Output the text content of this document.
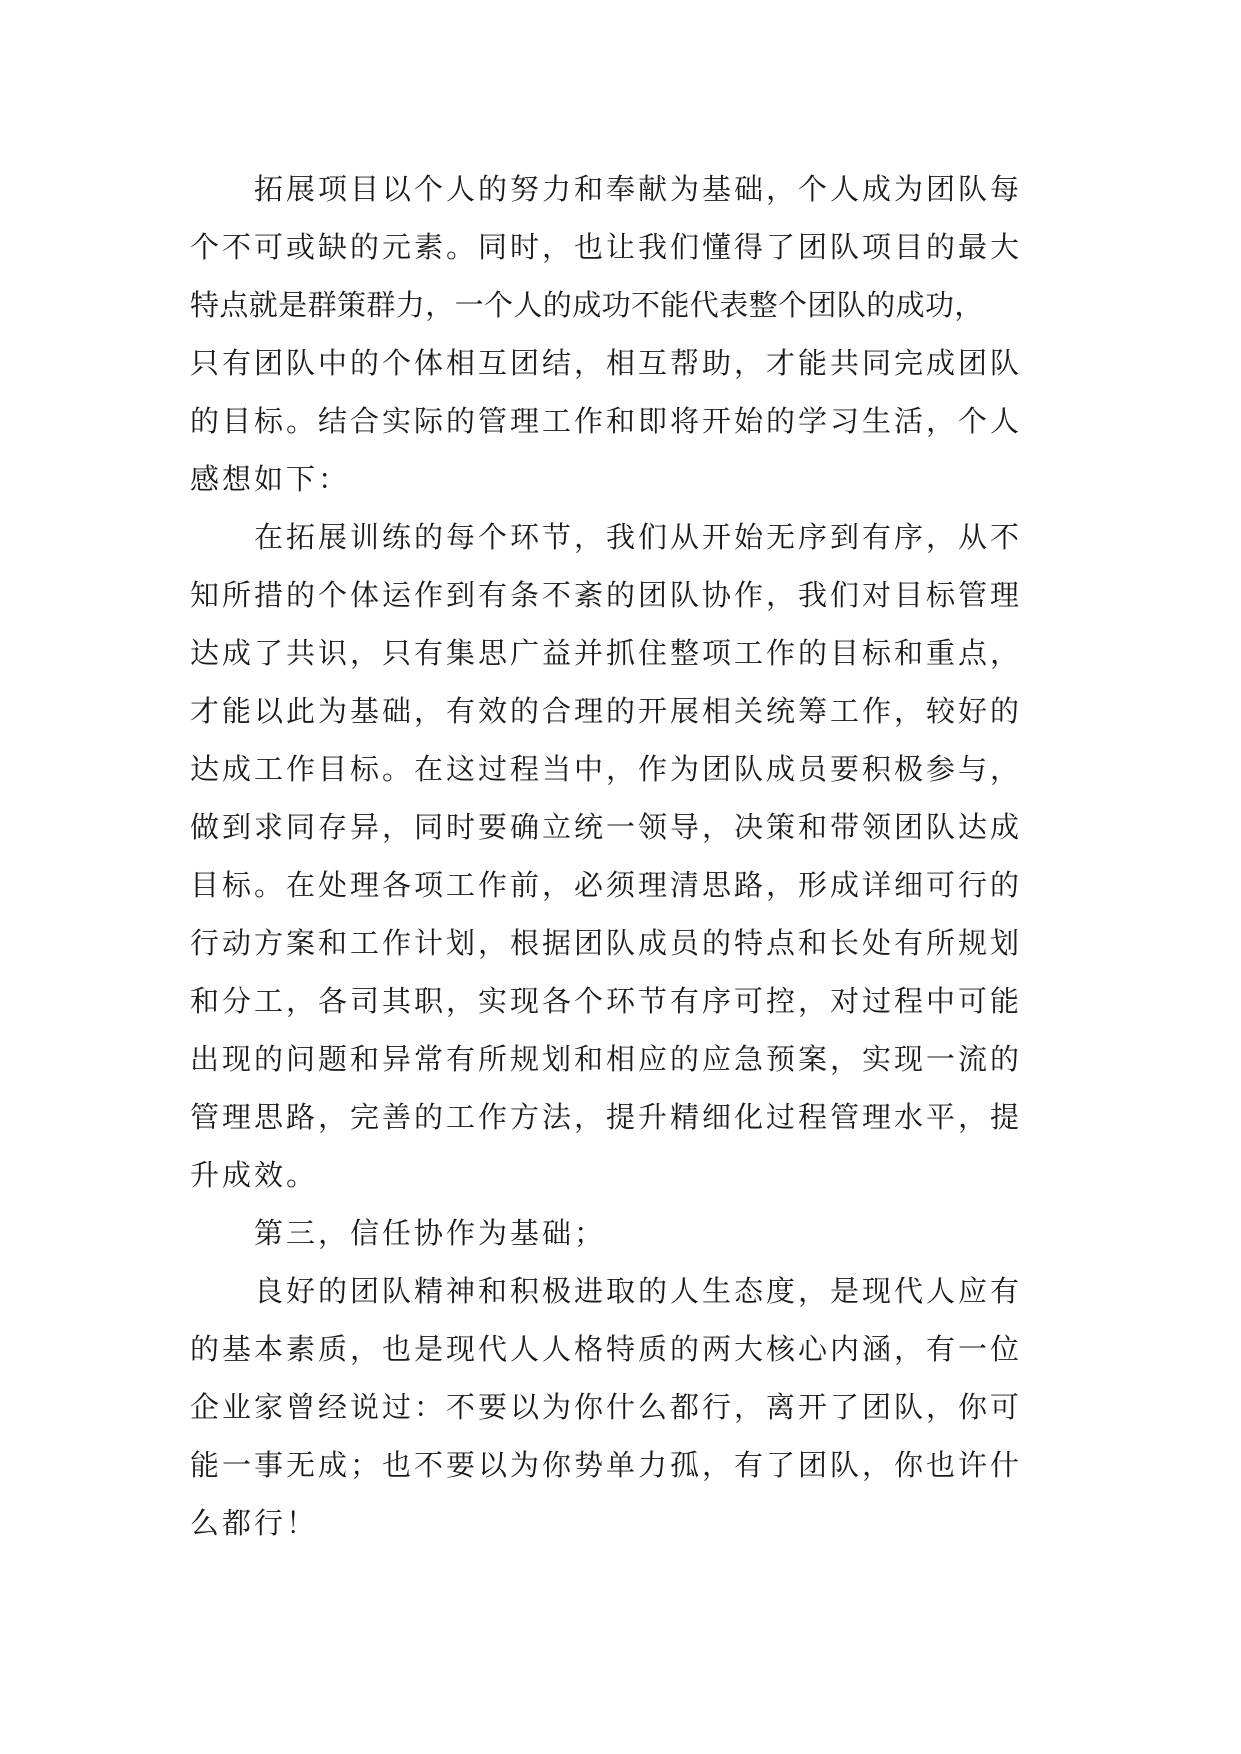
拓展项目以个人的努力和奉献为基础，个人成为团队每
个不可或缺的元素。同时，也让我们懂得了团队项目的最大
特点就是群策群力，一个人的成功不能代表整个团队的成功，
只有团队中的个体相互团结，相互帮助，才能共同完成团队
的目标。结合实际的管理工作和即将开始的学习生活，个人
感想如下：
在拓展训练的每个环节，我们从开始无序到有序，从不
知所措的个体运作到有条不紊的团队协作，我们对目标管理
达成了共识，只有集思广益并抓住整项工作的目标和重点，
才能以此为基础，有效的合理的开展相关统筹工作，较好的
达成工作目标。在这过程当中，作为团队成员要积极参与，
做到求同存异，同时要确立统一领导，决策和带领团队达成
目标。在处理各项工作前，必须理清思路，形成详细可行的
行动方案和工作计划，根据团队成员的特点和长处有所规划
和分工，各司其职，实现各个环节有序可控，对过程中可能
出现的问题和异常有所规划和相应的应急预案，实现一流的
管理思路，完善的工作方法，提升精细化过程管理水平，提
升成效。
第三，信任协作为基础；
良好的团队精神和积极进取的人生态度，是现代人应有
的基本素质，也是现代人人格特质的两大核心内涵，有一位
企业家曾经说过：不要以为你什么都行，离开了团队，你可
能一事无成；也不要以为你势单力孤，有了团队，你也许什
么都行！
